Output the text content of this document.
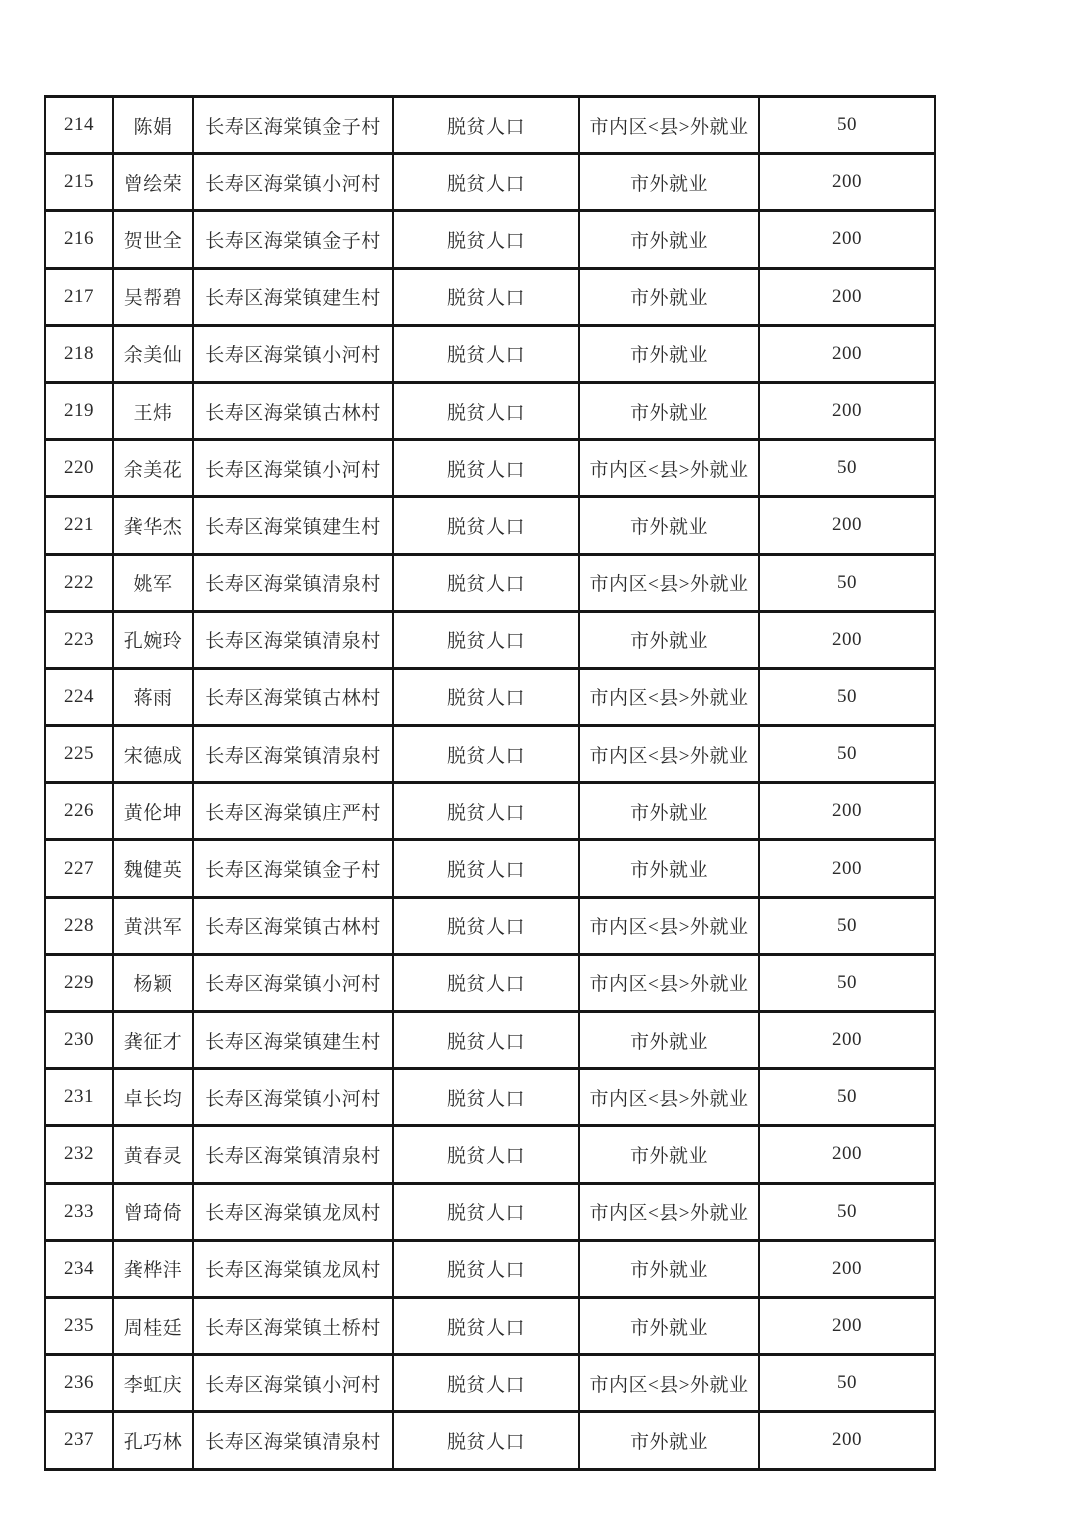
214	陈娟	长寿区海棠镇金子村	脱贫人口	市内区<县>外就业	50
215	曾绘荣	长寿区海棠镇小河村	脱贫人口	市外就业	200
216	贺世全	长寿区海棠镇金子村	脱贫人口	市外就业	200
217	吴帮碧	长寿区海棠镇建生村	脱贫人口	市外就业	200
218	余美仙	长寿区海棠镇小河村	脱贫人口	市外就业	200
219	王炜	长寿区海棠镇古林村	脱贫人口	市外就业	200
220	余美花	长寿区海棠镇小河村	脱贫人口	市内区<县>外就业	50
221	龚华杰	长寿区海棠镇建生村	脱贫人口	市外就业	200
222	姚军	长寿区海棠镇清泉村	脱贫人口	市内区<县>外就业	50
223	孔婉玲	长寿区海棠镇清泉村	脱贫人口	市外就业	200
224	蒋雨	长寿区海棠镇古林村	脱贫人口	市内区<县>外就业	50
225	宋德成	长寿区海棠镇清泉村	脱贫人口	市内区<县>外就业	50
226	黄伦坤	长寿区海棠镇庄严村	脱贫人口	市外就业	200
227	魏健英	长寿区海棠镇金子村	脱贫人口	市外就业	200
228	黄洪军	长寿区海棠镇古林村	脱贫人口	市内区<县>外就业	50
229	杨颖	长寿区海棠镇小河村	脱贫人口	市内区<县>外就业	50
230	龚征才	长寿区海棠镇建生村	脱贫人口	市外就业	200
231	卓长均	长寿区海棠镇小河村	脱贫人口	市内区<县>外就业	50
232	黄春灵	长寿区海棠镇清泉村	脱贫人口	市外就业	200
233	曾琦倚	长寿区海棠镇龙凤村	脱贫人口	市内区<县>外就业	50
234	龚桦沣	长寿区海棠镇龙凤村	脱贫人口	市外就业	200
235	周桂廷	长寿区海棠镇土桥村	脱贫人口	市外就业	200
236	李虹庆	长寿区海棠镇小河村	脱贫人口	市内区<县>外就业	50
237	孔巧林	长寿区海棠镇清泉村	脱贫人口	市外就业	200
